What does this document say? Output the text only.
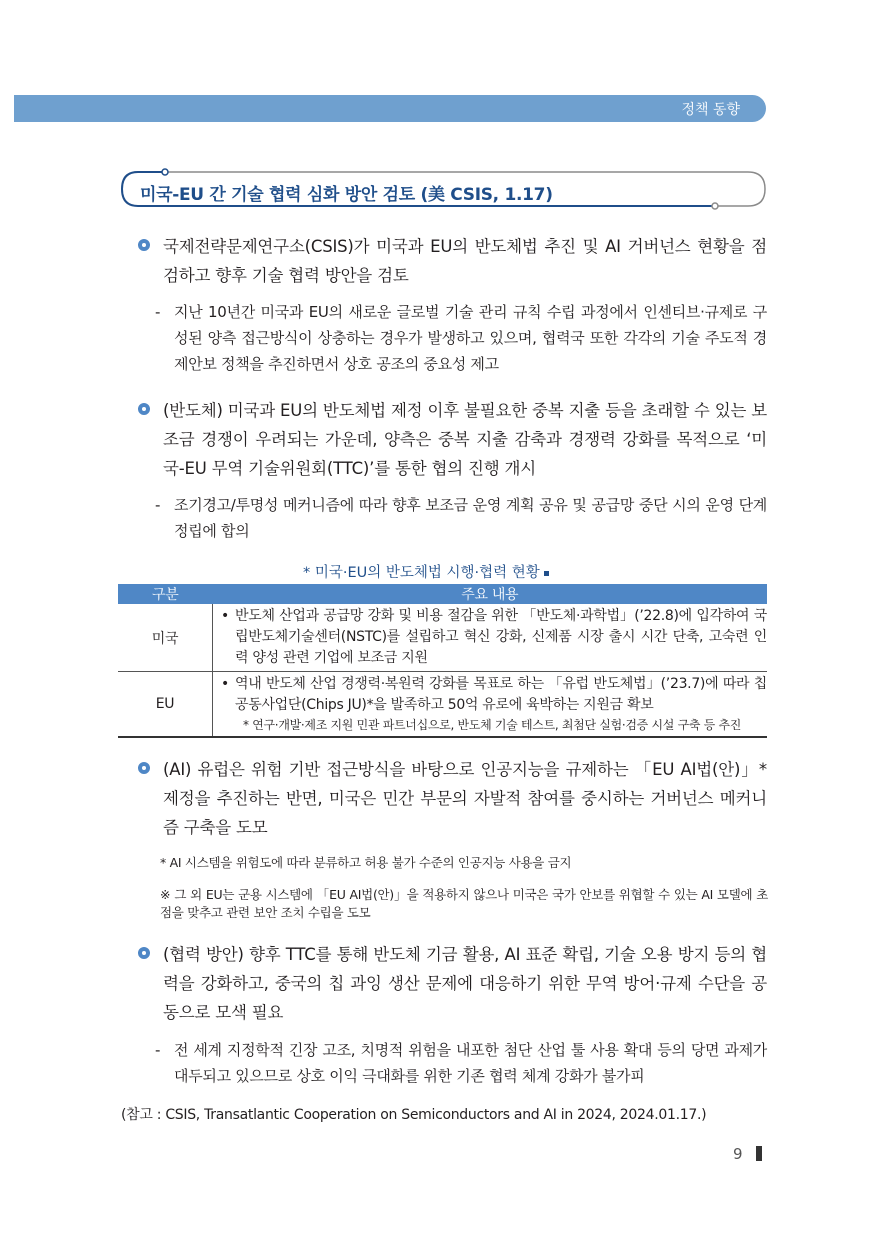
정책 동향
미국-EU 간 기술 협력 심화 방안 검토 (美 CSIS, 1.17)
국제전략문제연구소(CSIS)가 미국과 EU의 반도체법 추진 및 AI 거버넌스 현황을 점검하고 향후 기술 협력 방안을 검토
- 지난 10년간 미국과 EU의 새로운 글로벌 기술 관리 규칙 수립 과정에서 인센티브·규제로 구성된 양측 접근방식이 상충하는 경우가 발생하고 있으며, 협력국 또한 각각의 기술 주도적 경제안보 정책을 추진하면서 상호 공조의 중요성 제고
(반도체) 미국과 EU의 반도체법 제정 이후 불필요한 중복 지출 등을 초래할 수 있는 보조금 경쟁이 우려되는 가운데, 양측은 중복 지출 감축과 경쟁력 강화를 목적으로 ‘미국-EU 무역 기술위원회(TTC)’를 통한 협의 진행 개시
- 조기경고/투명성 메커니즘에 따라 향후 보조금 운영 계획 공유 및 공급망 중단 시의 운영 단계 정립에 합의
* 미국·EU의 반도체법 시행·협력 현황
구분	주요 내용
미국	• 반도체 산업과 공급망 강화 및 비용 절감을 위한 「반도체·과학법」(’22.8)에 입각하여 국립반도체기술센터(NSTC)를 설립하고 혁신 강화, 신제품 시장 출시 시간 단축, 고숙련 인력 양성 관련 기업에 보조금 지원

EU	• 역내 반도체 산업 경쟁력·복원력 강화를 목표로 하는 「유럽 반도체법」(’23.7)에 따라 칩공동사업단(Chips JU)*을 발족하고 50억 유로에 육박하는 지원금 확보
* 연구·개발·제조 지원 민관 파트너십으로, 반도체 기술 테스트, 최첨단 실험·검증 시설 구축 등 추진
(AI) 유럽은 위험 기반 접근방식을 바탕으로 인공지능을 규제하는 「EU AI법(안)」* 제정을 추진하는 반면, 미국은 민간 부문의 자발적 참여를 중시하는 거버넌스 메커니즘 구축을 도모
* AI 시스템을 위험도에 따라 분류하고 허용 불가 수준의 인공지능 사용을 금지
※ 그 외 EU는 군용 시스템에 「EU AI법(안)」을 적용하지 않으나 미국은 국가 안보를 위협할 수 있는 AI 모델에 초점을 맞추고 관련 보안 조치 수립을 도모
(협력 방안) 향후 TTC를 통해 반도체 기금 활용, AI 표준 확립, 기술 오용 방지 등의 협력을 강화하고, 중국의 칩 과잉 생산 문제에 대응하기 위한 무역 방어·규제 수단을 공동으로 모색 필요
- 전 세계 지정학적 긴장 고조, 치명적 위험을 내포한 첨단 산업 툴 사용 확대 등의 당면 과제가 대두되고 있으므로 상호 이익 극대화를 위한 기존 협력 체계 강화가 불가피
(참고 : CSIS, Transatlantic Cooperation on Semiconductors and AI in 2024, 2024.01.17.)
9
